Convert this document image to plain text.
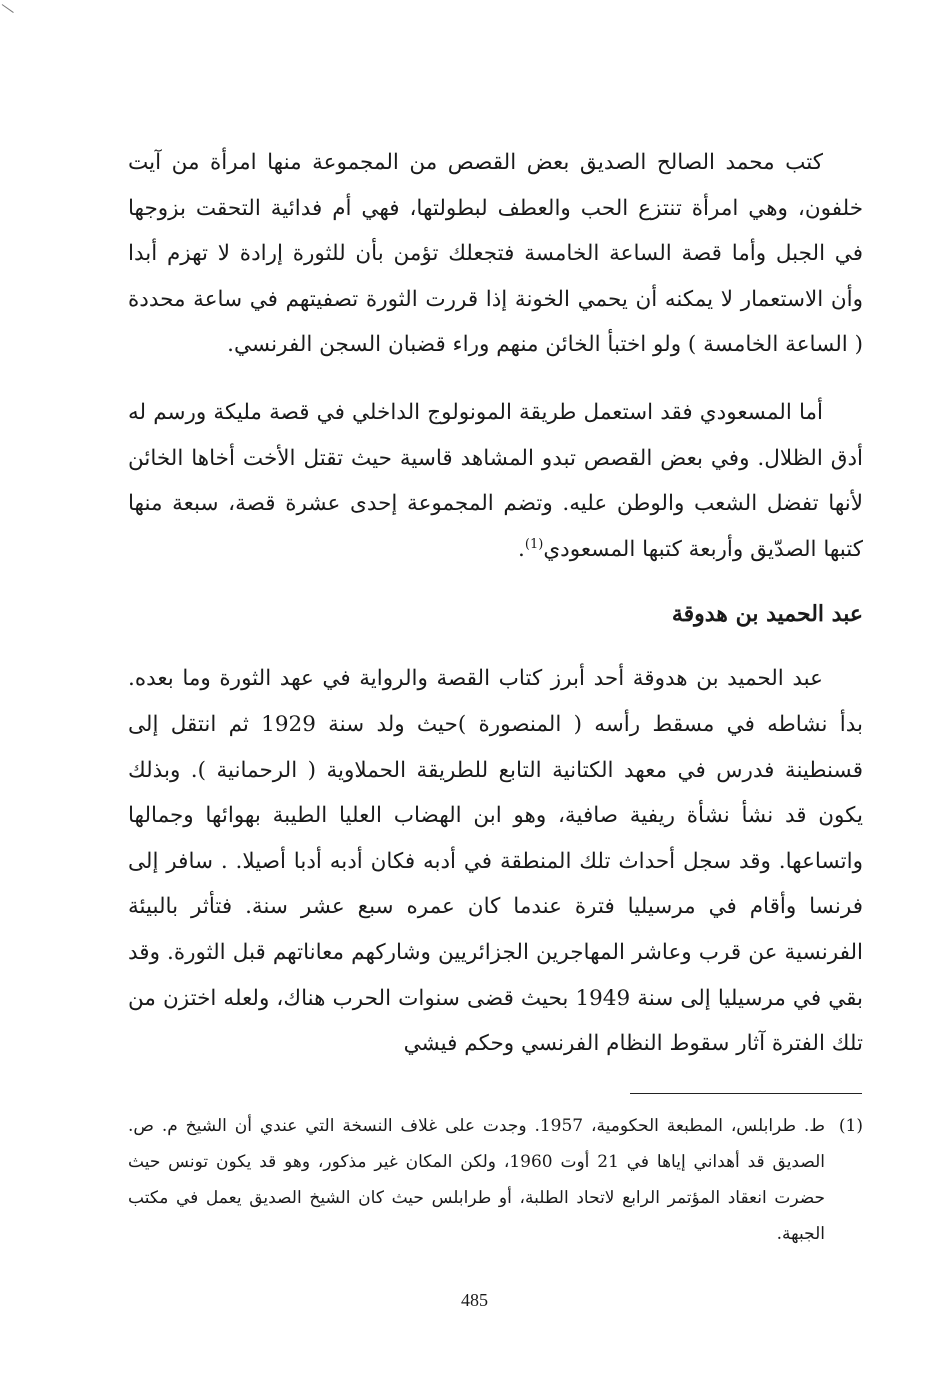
كتب محمد الصالح الصديق بعض القصص من المجموعة منها امرأة من آيت خلفون، وهي امرأة تنتزع الحب والعطف لبطولتها، فهي أم فدائية التحقت بزوجها في الجبل وأما قصة الساعة الخامسة فتجعلك تؤمن بأن للثورة إرادة لا تهزم أبدا وأن الاستعمار لا يمكنه أن يحمي الخونة إذا قررت الثورة تصفيتهم في ساعة محددة ( الساعة الخامسة ) ولو اختبأ الخائن منهم وراء قضبان السجن الفرنسي.

أما المسعودي فقد استعمل طريقة المونولوج الداخلي في قصة مليكة ورسم له أدق الظلال. وفي بعض القصص تبدو المشاهد قاسية حيث تقتل الأخت أخاها الخائن لأنها تفضل الشعب والوطن عليه. وتضم المجموعة إحدى عشرة قصة، سبعة منها كتبها الصدّيق وأربعة كتبها المسعودي$^{(1)}$.

عبد الحميد بن هدوقة

عبد الحميد بن هدوقة أحد أبرز كتاب القصة والرواية في عهد الثورة وما بعده. بدأ نشاطه في مسقط رأسه ( المنصورة )حيث ولد سنة 1929 ثم انتقل إلى قسنطينة فدرس في معهد الكتانية التابع للطريقة الحملاوية ( الرحمانية ). وبذلك يكون قد نشأ نشأة ريفية صافية، وهو ابن الهضاب العليا الطيبة بهوائها وجمالها واتساعها. وقد سجل أحداث تلك المنطقة في أدبه فكان أدبه أدبا أصيلا. . سافر إلى فرنسا وأقام في مرسيليا فترة عندما كان عمره سبع عشر سنة. فتأثر بالبيئة الفرنسية عن قرب وعاشر المهاجرين الجزائريين وشاركهم معاناتهم قبل الثورة. وقد بقي في مرسيليا إلى سنة 1949 بحيث قضى سنوات الحرب هناك، ولعله اختزن من تلك الفترة آثار سقوط النظام الفرنسي وحكم فيشي

(1)
ط. طرابلس، المطبعة الحكومية، 1957. وجدت على غلاف النسخة التي عندي أن الشيخ م. ص. الصديق قد أهداني إياها في 21 أوت 1960، ولكن المكان غير مذكور، وهو قد يكون تونس حيث حضرت انعقاد المؤتمر الرابع لاتحاد الطلبة، أو طرابلس حيث كان الشيخ الصديق يعمل في مكتب الجبهة.
485
